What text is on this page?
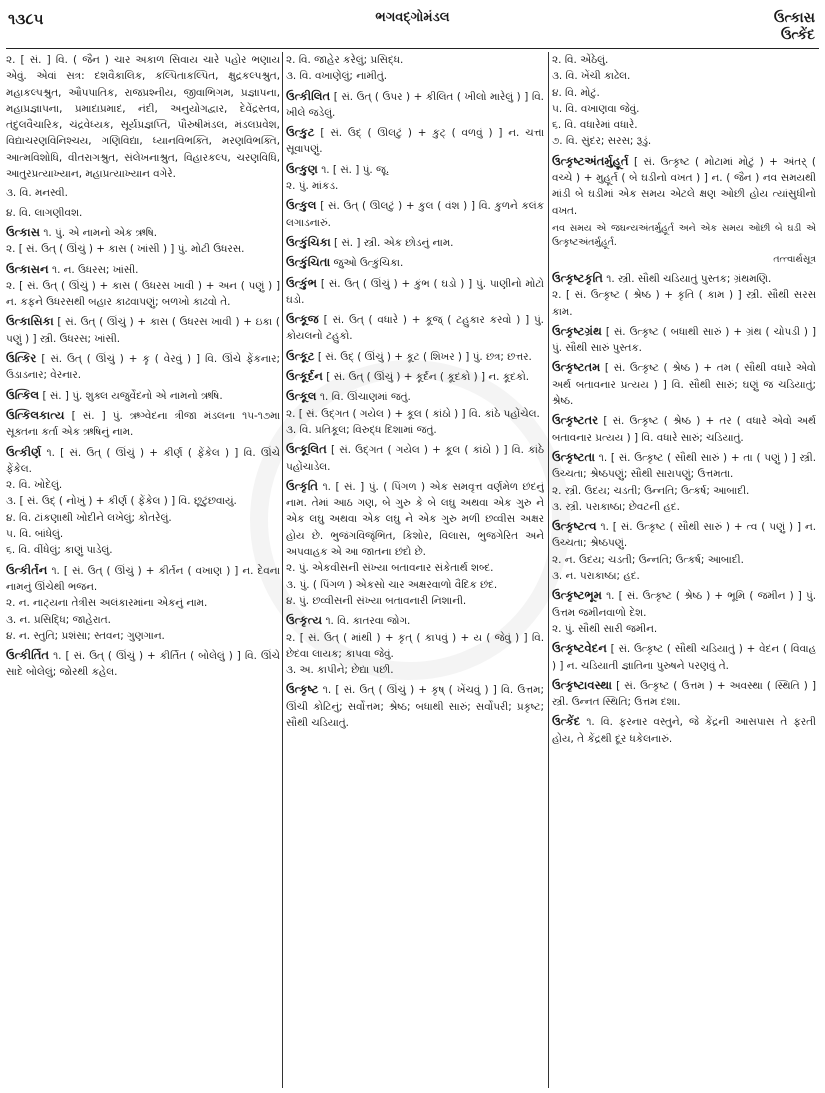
૧૩૮૫	ભગવદ્ગોમંડલ	ઉત્કાસ
ઉત્કેંદ
૨. [ સં. ] વિ. ( જૈન ) ચાર અકાળ સિવાય ચારે પહોર ભણાય એવું. એવાં સત્ર: દશવૈકાલિક, કલ્પિતાકલ્પિત, ક્ષુદ્રકલ્પશ્રુત, મહાકલ્પશ્રુત, ઔપપાતિક, રાજપ્રશ્નીય, જીવાભિગમ, પ્રજ્ઞાપના, મહાપ્રજ્ઞાપના, પ્રમાદાપ્રમાદ, નંદી, અનુયોગદ્વાર, દેવેંદ્રસ્તવ, તંદુલવૈચારિક, ચંદ્રવેધ્યક, સૂર્યપ્રજ્ઞપ્તિ, પૌરુષીમંડલ, મંડલપ્રવેશ, વિદ્યાચરણવિનિશ્ચય, ગણિવિદ્યા, ધ્યાનવિભક્તિ, મરણવિભક્તિ, આત્મવિશોધિ, વીતરાગશ્રુત, સંલેખનાશ્રુત, વિહારકલ્પ, ચરણવિધિ, આતુરપ્રત્યાખ્યાન, મહાપ્રત્યાખ્યાન વગેરે.
૩. વિ. મનસ્વી.
૪. વિ. લાગણીવશ.
ઉત્કાસ ૧. પું. એ નામનો એક ઋષિ.
૨. [ સં. ઉત્ ( ઊંચું ) + કાસ ( ખાંસી ) ] પું. મોટી ઉધરસ.
ઉત્કાસન ૧. ન. ઉધરસ; ખાંસી.
૨. [ સં. ઉત્ ( ઊંચું ) + કાસ ( ઉધરસ ખાવી ) + અન ( પણું ) ] ન. કફને ઉધરસથી બહાર કાઢવાપણું; બળખો કાઢવો તે.
ઉત્કાસિકા [ સં. ઉત્ ( ઊંચું ) + કાસ ( ઉધરસ ખાવી ) + ઇકા ( પણું ) ] સ્ત્રી. ઉધરસ; ખાંસી.
ઉત્કિર [ સં. ઉત્ ( ઊંચું ) + કૄ ( વેરવું ) ] વિ. ઊંચે ફેંકનાર; ઉડાડનાર; વેરનાર.
ઉત્કિલ [ સં. ] પું. શુક્લ યજુર્વેદનો એ નામનો ઋષિ.
ઉત્કિલકાત્ય [ સં. ] પું. ઋગ્વેદના ત્રીજા મંડલના ૧૫-૧૭મા સૂક્તના કર્તા એક ઋષિનું નામ.
ઉત્કીર્ણ ૧. [ સં. ઉત્ ( ઊંચું ) + કીર્ણ ( ફેંકેલ ) ] વિ. ઊંચે ફેંકેલ.
૨. વિ. ખોદેલું.
૩. [ સં. ઉદ્ ( નોખું ) + કીર્ણ ( ફેંકેલ ) ] વિ. છૂટુંછવાયું.
૪. વિ. ટાંકણાથી ખોદીને લખેલું; કોતરેલું.
૫. વિ. બાંધેલું.
૬. વિ. વીંધેલું; કાણું પાડેલું.
ઉત્કીર્તન ૧. [ સં. ઉત્ ( ઊંચું ) + કીર્તન ( વખાણ ) ] ન. દેવના નામનું ઊંચેથી ભજન.
૨. ન. નાટ્યના તેત્રીસ અલંકારમાંના એકનું નામ.
૩. ન. પ્રસિદ્ધિ; જાહેરાત.
૪. ન. સ્તુતિ; પ્રશંસા; સ્તવન; ગુણગાન.
ઉત્કીર્તિત ૧. [ સં. ઉત્ ( ઊંચું ) + કીર્તિત ( બોલેલું ) ] વિ. ઊંચે સાદે બોલેલું; જોરથી કહેલ.
૨. વિ. જાહેર કરેલું; પ્રસિદ્ધ.
૩. વિ. વખાણેલું; નામીતું.
ઉત્કીલિત [ સં. ઉત્ ( ઉપર ) + કીલિત ( ખીલો મારેલું ) ] વિ. ખીલે જડેલું.
ઉત્કુટ [ સં. ઉદ્ ( ઊલટું ) + કુટ્ ( વળવું ) ] ન. ચત્તા સૂવાપણું.
ઉત્કુણ ૧. [ સં. ] પું. જૂ.
૨. પું. માંકડ.
ઉત્કુલ [ સં. ઉત્ ( ઊલટું ) + કુલ ( વંશ ) ] વિ. કુળને કલંક લગાડનારું.
ઉત્કુંચિકા [ સં. ] સ્ત્રી. એક છોડનું નામ.
ઉત્કુંચિતા જુઓ ઉત્કુંચિકા.
ઉત્કુંભ [ સં. ઉત્ ( ઊંચું ) + કુંભ ( ઘડો ) ] પું. પાણીનો મોટો ઘડો.
ઉત્કૂજ [ સં. ઉત્ ( વધારે ) + કૂજ્ ( ટહુકાર કરવો ) ] પું. કોયલનો ટહુકો.
ઉત્કૂટ [ સં. ઉદ્ ( ઊંચું ) + કૂટ ( શિખર ) ] પું. છત્ર; છત્તર.
ઉત્કૂર્દન [ સં. ઉત્ ( ઊંચું ) + કૂર્દન ( કૂદકો ) ] ન. કૂદકો.
ઉત્કૂલ ૧. વિ. ઊંચાણમાં જતું.
૨. [ સં. ઉદ્ગત ( ગયેલ ) + કૂલ ( કાંઠો ) ] વિ. કાંઠે પહોંચેલ.
૩. વિ. પ્રતિકૂલ; વિરુદ્ધ દિશામાં જતું.
ઉત્કૂલિત [ સં. ઉદ્ગત ( ગયેલ ) + કૂલ ( કાંઠો ) ] વિ. કાંઠે પહોંચાડેલ.
ઉત્કૃતિ ૧. [ સં. ] પું. ( પિંગળ ) એક સમવૃત્ત વર્ણમેળ છંદનું નામ. તેમાં આઠ ગણ, બે ગુરુ કે બે લઘુ અથવા એક ગુરુ ને એક લઘુ અથવા એક લઘુ ને એક ગુરુ મળી છવ્વીસ અક્ષર હોય છે. ભુજંગવિજૃંભિત, કિશોર, વિલાસ, ભુજગેરિત અને અપવાહક એ આ જાતના છંદો છે.
૨. પું. એકવીસની સંખ્યા બતાવનાર સંકેતાર્થ શબ્દ.
૩. પું. ( પિંગળ ) એકસો ચાર અક્ષરવાળો વૈદિક છંદ.
૪. પું. છવ્વીસની સંખ્યા બતાવનારી નિશાની.
ઉત્કૃત્ય ૧. વિ. કાતરવા જોગ.
૨. [ સં. ઉત્ ( માંથી ) + કૃત્ ( કાપવું ) + ય ( જેવું ) ] વિ. છેદવા લાયક; કાપવા જેવું.
૩. અ. કાપીને; છેદ્યા પછી.
ઉત્કૃષ્ટ ૧. [ સં. ઉત્ ( ઊંચું ) + કૃષ્ ( ખેંચવું ) ] વિ. ઉત્તમ; ઊંચી કોટિનું; સર્વોત્તમ; શ્રેષ્ઠ; બધાથી સારું; સર્વોપરી; પ્રકૃષ્ટ; સૌથી ચડિયાતું.
૨. વિ. એંઠેલું.
૩. વિ. ખેંચી કાઢેલ.
૪. વિ. મોટું.
૫. વિ. વખાણવા જેવું.
૬. વિ. વધારેમાં વધારે.
૭. વિ. સુંદર; સરસ; રૂડું.
ઉત્કૃષ્ટઅંતર્મુહૂર્ત [ સં. ઉત્કૃષ્ટ ( મોટામાં મોટું ) + અંતર્ ( વચ્ચે ) + મુહૂર્ત ( બે ઘડીનો વખત ) ] ન. ( જૈન ) નવ સમયથી માંડી બે ઘડીમાં એક સમય એટલે ક્ષણ ઓછી હોય ત્યાંસુધીનો વખત.
નવ સમય એ જઘન્યઅંતર્મુહૂર્ત અને એક સમય ઓછી બે ઘડી એ ઉત્કૃષ્ટઅંતર્મુહૂર્ત.
તત્ત્વાર્થસૂત્ર
ઉત્કૃષ્ટકૃતિ ૧. સ્ત્રી. સૌથી ચડિયાતું પુસ્તક; ગ્રંથમણિ.
૨. [ સં. ઉત્કૃષ્ટ ( શ્રેષ્ઠ ) + કૃતિ ( કામ ) ] સ્ત્રી. સૌથી સરસ કામ.
ઉત્કૃષ્ટગ્રંથ [ સં. ઉત્કૃષ્ટ ( બધાથી સારું ) + ગ્રંથ ( ચોપડી ) ] પું. સૌથી સારું પુસ્તક.
ઉત્કૃષ્ટતમ [ સં. ઉત્કૃષ્ટ ( શ્રેષ્ઠ ) + તમ ( સૌથી વધારે એવો અર્થ બતાવનાર પ્રત્યય ) ] વિ. સૌથી સારું; ઘણું જ ચડિયાતું; શ્રેષ્ઠ.
ઉત્કૃષ્ટતર [ સં. ઉત્કૃષ્ટ ( શ્રેષ્ઠ ) + તર ( વધારે એવો અર્થ બતાવનાર પ્રત્યય ) ] વિ. વધારે સારું; ચડિયાતું.
ઉત્કૃષ્ટતા ૧. [ સં. ઉત્કૃષ્ટ ( સૌથી સારું ) + તા ( પણું ) ] સ્ત્રી. ઉચ્ચતા; શ્રેષ્ઠપણું; સૌથી સારાપણું; ઉત્તમતા.
૨. સ્ત્રી. ઉદય; ચડતી; ઉન્નતિ; ઉત્કર્ષ; આબાદી.
૩. સ્ત્રી. પરાકાષ્ઠા; છેવટની હદ.
ઉત્કૃષ્ટત્વ ૧. [ સં. ઉત્કૃષ્ટ ( સૌથી સારું ) + ત્વ ( પણું ) ] ન. ઉચ્ચતા; શ્રેષ્ઠપણું.
૨. ન. ઉદય; ચડતી; ઉન્નતિ; ઉત્કર્ષ; આબાદી.
૩. ન. પરાકાષ્ઠા; હદ.
ઉત્કૃષ્ટભૂમ ૧. [ સં. ઉત્કૃષ્ટ ( શ્રેષ્ઠ ) + ભૂમિ ( જમીન ) ] પું. ઉત્તમ જમીનવાળો દેશ.
૨. પું. સૌથી સારી જમીન.
ઉત્કૃષ્ટવેદન [ સં. ઉત્કૃષ્ટ ( સૌથી ચડિયાતું ) + વેદન ( વિવાહ ) ] ન. ચડિયાતી જ્ઞાતિના પુરુષને પરણવું તે.
ઉત્કૃષ્ટાવસ્થા [ સં. ઉત્કૃષ્ટ ( ઉત્તમ ) + અવસ્થા ( સ્થિતિ ) ] સ્ત્રી. ઉન્નત સ્થિતિ; ઉત્તમ દશા.
ઉત્કેંદ ૧. વિ. ફરનાર વસ્તુને, જે કેંદ્રની આસપાસ તે ફરતી હોય, તે કેંદ્રથી દૂર ધકેલનારું.
